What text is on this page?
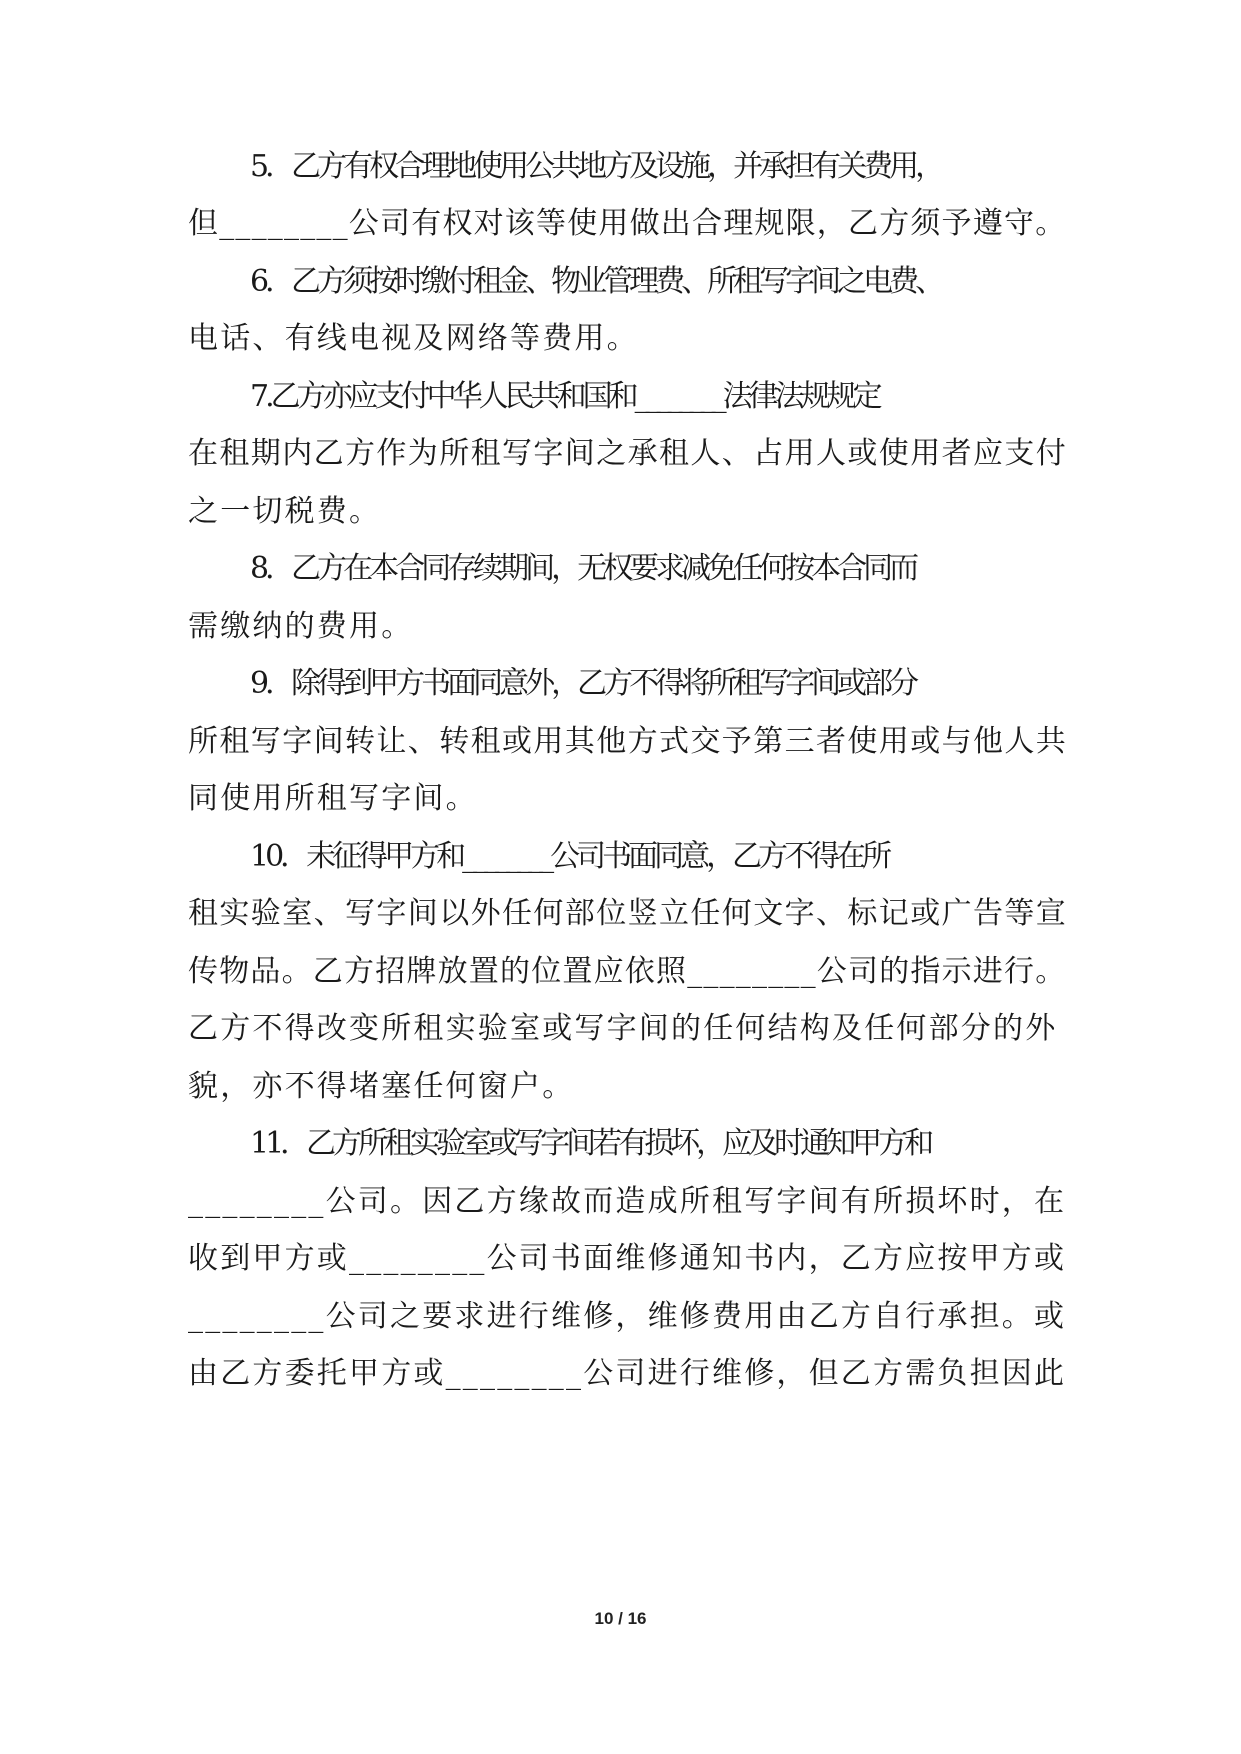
5．乙方有权合理地使用公共地方及设施，并承担有关费用，
但________公司有权对该等使用做出合理规限，乙方须予遵守。
6．乙方须按时缴付租金、物业管理费、所租写字间之电费、
电话、有线电视及网络等费用。
7.乙方亦应支付中华人民共和国和________法律法规规定
在租期内乙方作为所租写字间之承租人、占用人或使用者应支付
之一切税费。
8．乙方在本合同存续期间，无权要求减免任何按本合同而
需缴纳的费用。
9．除得到甲方书面同意外，乙方不得将所租写字间或部分
所租写字间转让、转租或用其他方式交予第三者使用或与他人共
同使用所租写字间。
10．未征得甲方和________公司书面同意，乙方不得在所
租实验室、写字间以外任何部位竖立任何文字、标记或广告等宣
传物品。乙方招牌放置的位置应依照________公司的指示进行。
乙方不得改变所租实验室或写字间的任何结构及任何部分的外
貌，亦不得堵塞任何窗户。
11．乙方所租实验室或写字间若有损坏，应及时通知甲方和
________公司。因乙方缘故而造成所租写字间有所损坏时，在
收到甲方或________公司书面维修通知书内，乙方应按甲方或
________公司之要求进行维修，维修费用由乙方自行承担。或
由乙方委托甲方或________公司进行维修，但乙方需负担因此
10 / 16
